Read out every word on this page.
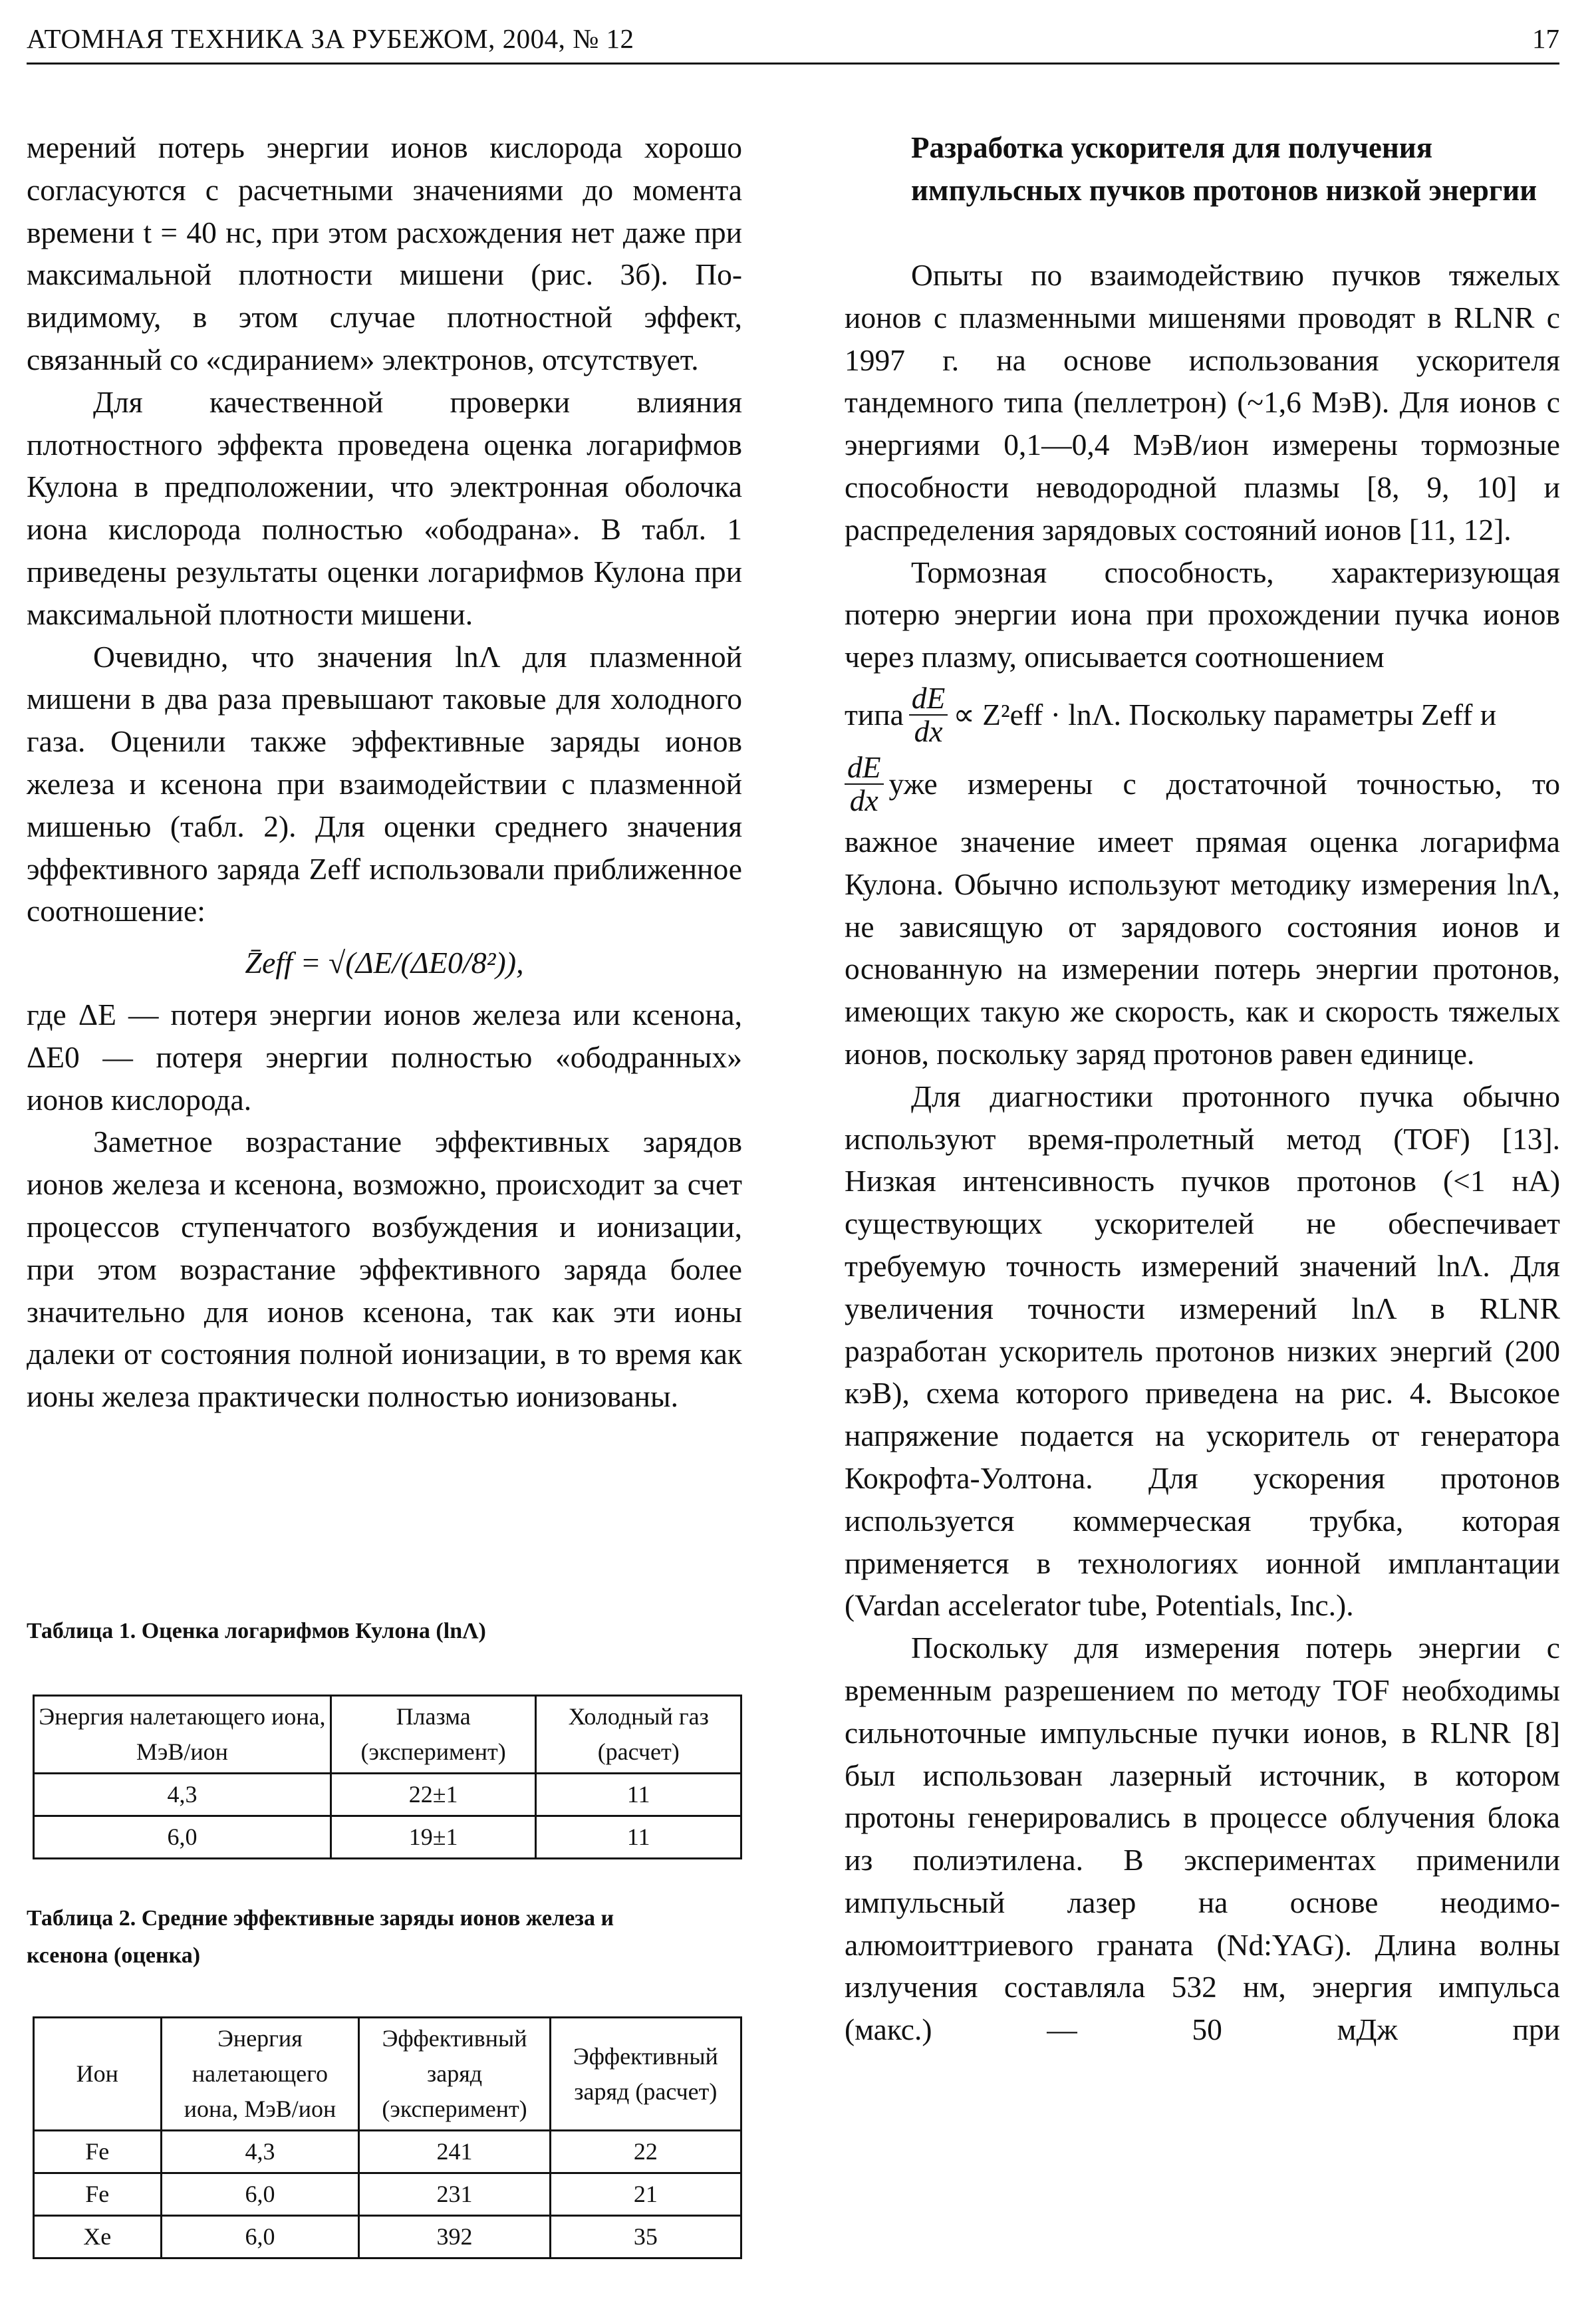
АТОМНАЯ ТЕХНИКА ЗА РУБЕЖОМ, 2004, № 12	17

мерений потерь энергии ионов кислорода хорошо согласуются с расчетными значениями до момента времени t = 40 нс, при этом расхождения нет даже при максимальной плотности мишени (рис. 3б). По-видимому, в этом случае плотностной эффект, связанный со «сдиранием» электронов, отсутствует.

Для качественной проверки влияния плотностного эффекта проведена оценка логарифмов Кулона в предположении, что электронная оболочка иона кислорода полностью «ободрана». В табл. 1 приведены результаты оценки логарифмов Кулона при максимальной плотности мишени.

Очевидно, что значения lnΛ для плазменной мишени в два раза превышают таковые для холодного газа. Оценили также эффективные заряды ионов железа и ксенона при взаимодействии с плазменной мишенью (табл. 2). Для оценки среднего значения эффективного заряда Zeff использовали приближенное соотношение:

Z̄eff = √(ΔE/(ΔE0/8²)),

где ΔE — потеря энергии ионов железа или ксенона, ΔE0 — потеря энергии полностью «ободранных» ионов кислорода.

Заметное возрастание эффективных зарядов ионов железа и ксенона, возможно, происходит за счет процессов ступенчатого возбуждения и ионизации, при этом возрастание эффективного заряда более значительно для ионов ксенона, так как эти ионы далеки от состояния полной ионизации, в то время как ионы железа практически полностью ионизованы.

Таблица 1. Оценка логарифмов Кулона (lnΛ)
Энергия налетающего иона, МэВ/ион	Плазма (эксперимент)	Холодный газ (расчет)
4,3	22±1	11
6,0	19±1	11
Таблица 2. Средние эффективные заряды ионов железа и ксенона (оценка)
Ион	Энергия налетающего иона, МэВ/ион	Эффективный заряд (эксперимент)	Эффективный заряд (расчет)
Fe	4,3	241	22
Fe	6,0	231	21
Xe	6,0	392	35
Разработка ускорителя для получения импульсных пучков протонов низкой энергии

Опыты по взаимодействию пучков тяжелых ионов с плазменными мишенями проводят в RLNR с 1997 г. на основе использования ускорителя тандемного типа (пеллетрон) (~1,6 МэВ). Для ионов с энергиями 0,1—0,4 МэВ/ион измерены тормозные способности неводородной плазмы [8, 9, 10] и распределения зарядовых состояний ионов [11, 12].

Тормозная способность, характеризующая потерю энергии иона при прохождении пучка ионов через плазму, описывается соотношением

типа $\frac{dE}{dx} \propto Z^2eff \cdot \ln\Lambda$. Поскольку параметры Zeff и
$\frac{dE}{dx}$ уже измерены с достаточной точностью, то

важное значение имеет прямая оценка логарифма Кулона. Обычно используют методику измерения lnΛ, не зависящую от зарядового состояния ионов и основанную на измерении потерь энергии протонов, имеющих такую же скорость, как и скорость тяжелых ионов, поскольку заряд протонов равен единице.

Для диагностики протонного пучка обычно используют время-пролетный метод (TOF) [13]. Низкая интенсивность пучков протонов (<1 нА) существующих ускорителей не обеспечивает требуемую точность измерений значений lnΛ. Для увеличения точности измерений lnΛ в RLNR разработан ускоритель протонов низких энергий (200 кэВ), схема которого приведена на рис. 4. Высокое напряжение подается на ускоритель от генератора Кокрофта-Уолтона. Для ускорения протонов используется коммерческая трубка, которая применяется в технологиях ионной имплантации (Vardan accelerator tube, Potentials, Inc.).

Поскольку для измерения потерь энергии с временным разрешением по методу TOF необходимы сильноточные импульсные пучки ионов, в RLNR [8] был использован лазерный источник, в котором протоны генерировались в процессе облучения блока из полиэтилена. В экспериментах применили импульсный лазер на основе неодимо-алюмоиттриевого граната (Nd:YAG). Длина волны излучения составляла 532 нм, энергия импульса (макс.) — 50 мДж при
